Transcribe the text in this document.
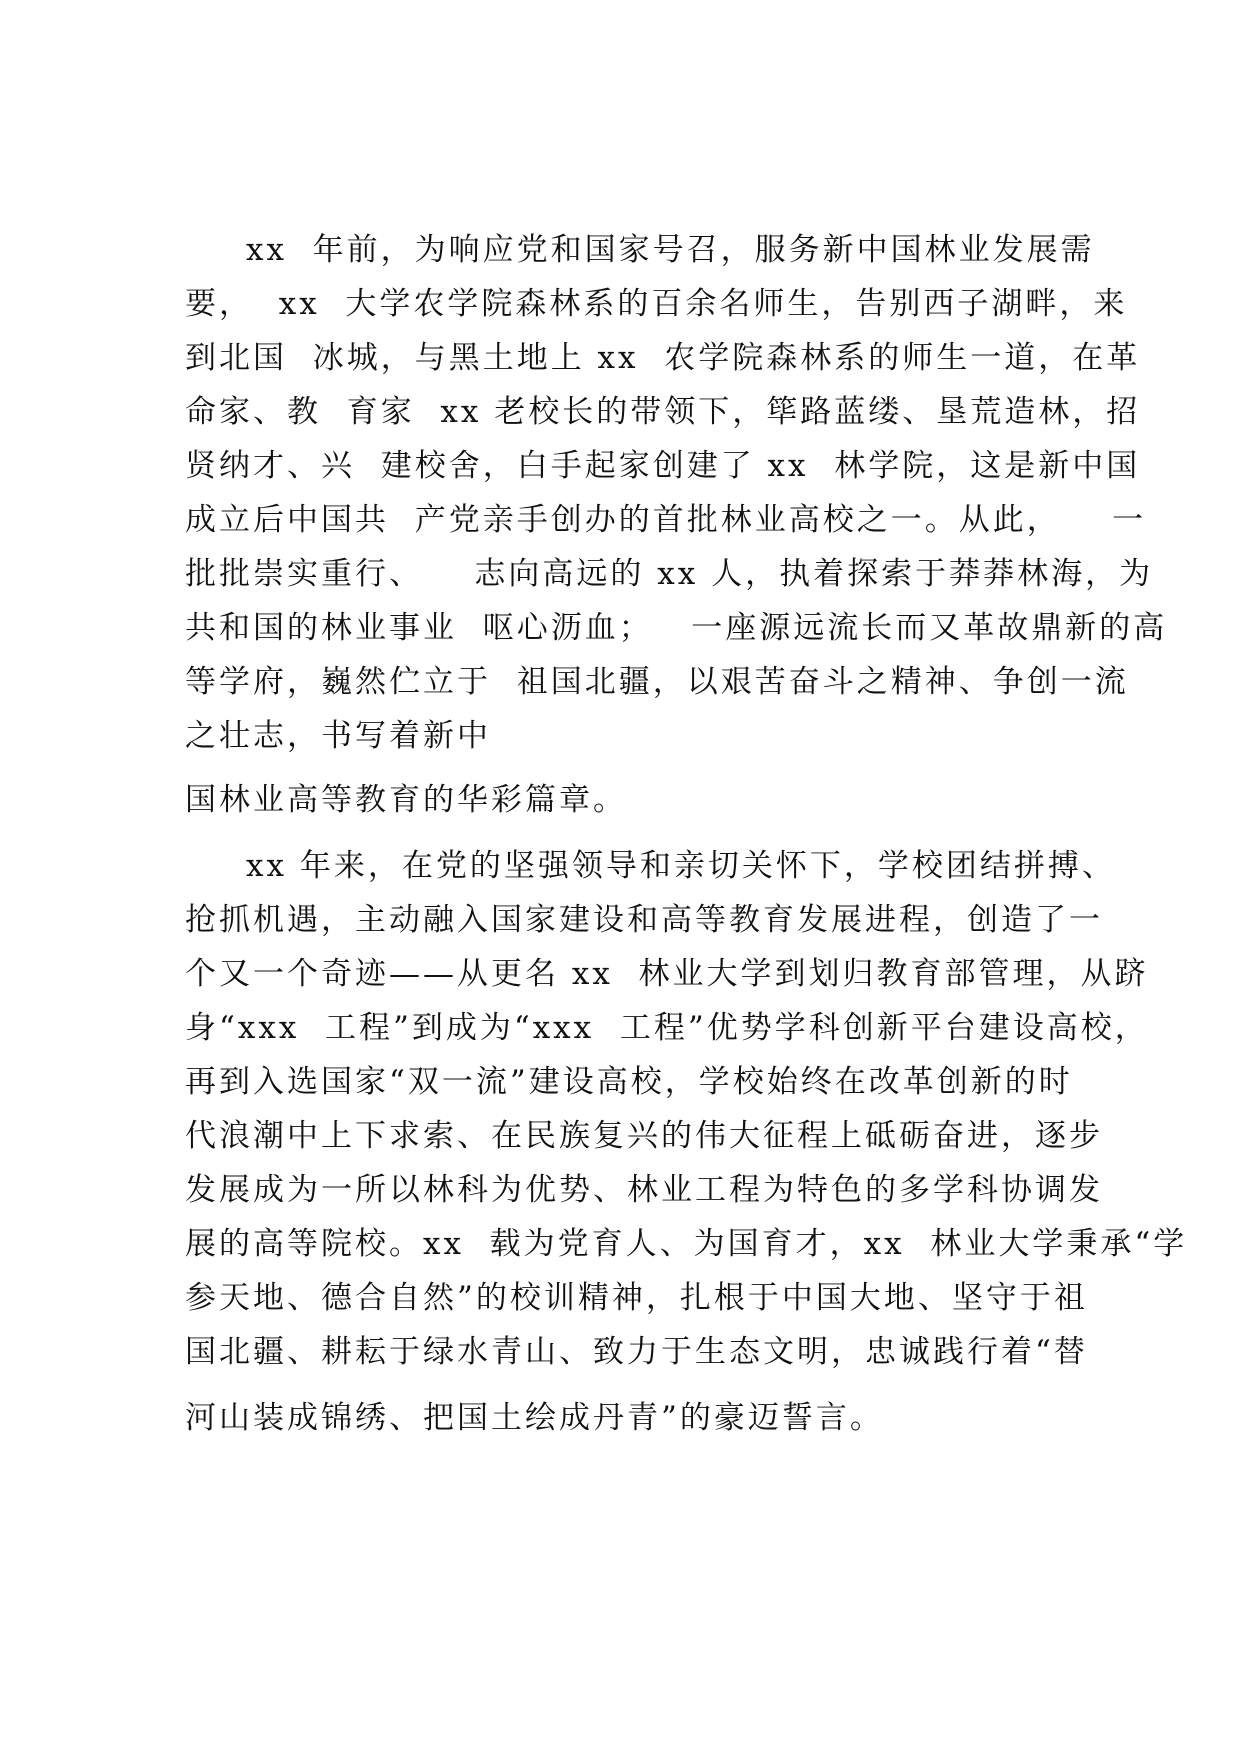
xx  年前，为响应党和国家号召，服务新中国林业发展需

要，  xx  大学农学院森林系的百余名师生，告别西子湖畔，来

到北国  冰城，与黑土地上 xx  农学院森林系的师生一道，在革

命家、教  育家  xx 老校长的带领下，筚路蓝缕、垦荒造林，招

贤纳才、兴  建校舍，白手起家创建了 xx  林学院，这是新中国

成立后中国共  产党亲手创办的首批林业高校之一。从此，    一

批批崇实重行、    志向高远的 xx 人，执着探索于莽莽林海，为

共和国的林业事业  呕心沥血；   一座源远流长而又革故鼎新的高

等学府，巍然伫立于  祖国北疆，以艰苦奋斗之精神、争创一流

之壮志，书写着新中

国林业高等教育的华彩篇章。

xx 年来，在党的坚强领导和亲切关怀下，学校团结拼搏、

抢抓机遇，主动融入国家建设和高等教育发展进程，创造了一

个又一个奇迹——从更名 xx  林业大学到划归教育部管理，从跻

身“xxx  工程”到成为“xxx  工程”优势学科创新平台建设高校，

再到入选国家“双一流”建设高校，学校始终在改革创新的时

代浪潮中上下求索、在民族复兴的伟大征程上砥砺奋进，逐步

发展成为一所以林科为优势、林业工程为特色的多学科协调发

展的高等院校。xx  载为党育人、为国育才，xx  林业大学秉承“学

参天地、德合自然”的校训精神，扎根于中国大地、坚守于祖

国北疆、耕耘于绿水青山、致力于生态文明，忠诚践行着“替

河山装成锦绣、把国土绘成丹青”的豪迈誓言。
